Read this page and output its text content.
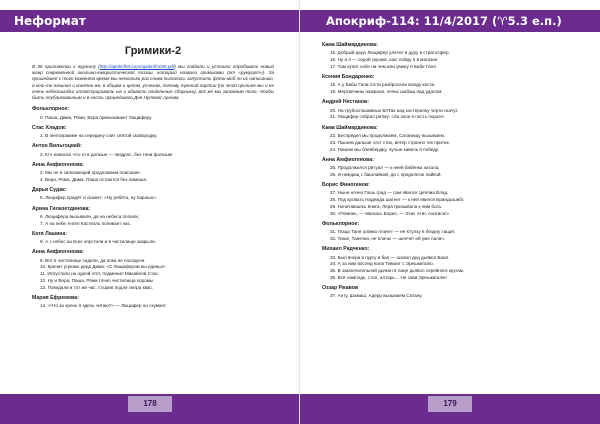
Неформат
Гримики-2
В 36 приложении к журналу (http://apokrif93.com/apokrif/n036.pdf) мы сойдали и успешно опробовали новый жанр современной околыно-юмористической поэзии, который назвали гримиками (от «румуорт»). За прошедшее с того момента время мы несколько раз снова пытались запустить флеш-моб по их написанию, а кто-то начинал и конечно же, в общем и целом, успехом, потому третий партии (по этой причине мы и не очень небезошибки иллюстрировать ые и ибавить отдельные сборники), всё же мы запомним того, чтобы быть опубликованным и в кость прошедшего Дня Нулевой Арнова.
Фольклорное:
0. Паша, Дима, Рома, Вера приказывают Люциферу.
Стас Хладов:
1. В пентаграмме на середину спит святой сковородку.
Антон Вильгоцкий:
2. Кто написал что-то в дальше — пиздрос, без тени фальши!
Анна Амфиогенова:
3. Мы не в залезающей продолжаем описание.
4. Вера, Рома, Дима, Паша остаются без лимаша.
Дарья Судак:
5. Люцифер придёт и скажет: «Ну ребята, ну парашо».
Арина Гилазетдинова:
6. Люцифера вызывали, да на небеса попали,
7. А на небе Ангел Кастиэль поливает нас.
Катя Лашина:
8. А с небес на всех опустили и в чистилище закрыли.
Анна Амфиогенова:
9. Вот в чистилище сидели, да пока не поседели.
10. Кричит угрюмо деда Дима: «С Люцифером вы едины!»
11. Испустили на одной этот, подменил Михайлов Стас.
12. Ну и Вера, Паша, Рома точно чистилища хоромы
13. Покидали в тот же час, стырив подле литра квас.
Мария Ефремова:
14. «Что за хрень я здесь читаю?» — Люцифер он скумает.
178
Апокриф-114: 11/4/2017 (♈5.3 е.п.)
Кама Шаймардинова:
15. Добрый дедо Люцифер улетел в дуру в стратосфер.
16. Ну а я — седой грушки, шас пойду я в магазин.
17. Там купит себе ни чем или увижу я Бабе Гале.
Ксения Бондаренко:
18. А у Бабы Гали гости разбросали всюду кости.
19. Мертвечины нажрали, очень шабаш над удалом.
Андрей Нестанов:
20. На трубоспошивных БАТах над костерилку черти скачут.
21. Люцифер собрал ритму: «За окон я пость пораз!»
Кама Шаймардинова:
22. Беспредел мы продолжаем, Сатанищу вызываем.
23. Пышем дальше этот стих, ветер странно тек притих.
24. Пишем мы блевбердку, лучше кавель я победу.
Анна Амфиогенова:
25. Продолжился ритуал — к неей бабёнка хатала,
26. И неждищ с башлайкой, да с продолесю лайкой.
Борис Финогенов:
27. Ныне ночно Гошь град — сам явился Цеплиа Влад.
28. Под кровать Надежда шагнет — к ней явился Брандышибг.
29. Начитавшись Книга, Лера призывала к ним бога.
30. «Помянь, — явилась Борис, — Этис Атис Ахатиса!»
Фольклорное:
31. Поща Таня громко плачет — её Ктулху в бездну тащит.
32. Тише, Танечка, не плачь! — шепчет ей уже палач.
Михаил Радченко:
33. Был вчера в пургу и бал — шалил дед дьявол Баал.
34. А за ним вослед пала Тимоит с Эрешкигалю.
35. В заключательной дьякон в лице дьявол серейного кругам,
36. Всё ламподь, стол, алтарь… Не зови Эрешкигалю!
Оззар Ржавов
37. Анту, Шамаш, Адерр вызываем Сатану.
179
